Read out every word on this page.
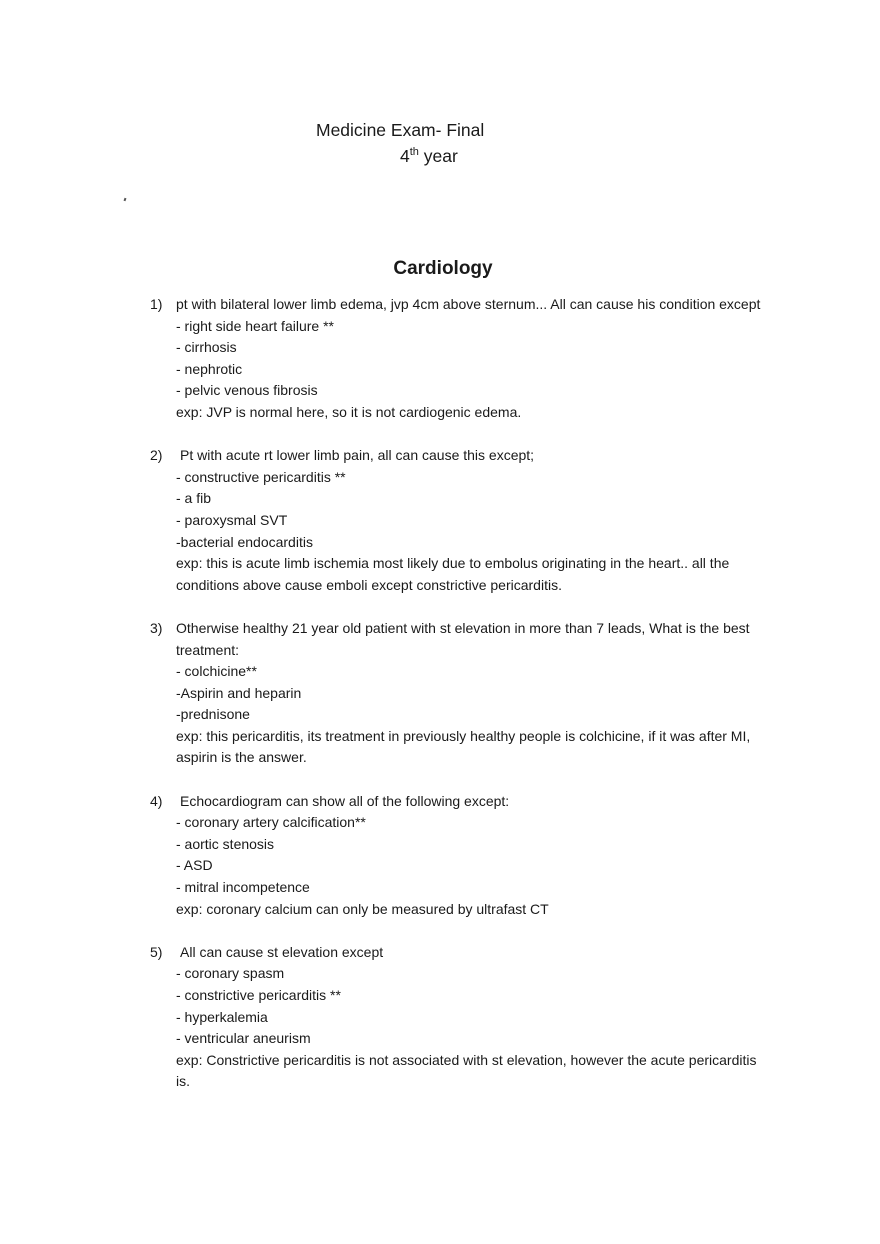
Medicine Exam- Final
4th year
Cardiology
1) pt with bilateral lower limb edema, jvp 4cm above sternum... All can cause his condition except
- right side heart failure **
- cirrhosis
- nephrotic
- pelvic venous fibrosis
exp: JVP is normal here, so it is not cardiogenic edema.
2) Pt with acute rt lower limb pain, all can cause this except;
- constructive pericarditis **
- a fib
- paroxysmal SVT
-bacterial endocarditis
exp: this is acute limb ischemia most likely due to embolus originating in the heart.. all the conditions above cause emboli except constrictive pericarditis.
3) Otherwise healthy 21 year old patient with st elevation in more than 7 leads, What is the best treatment:
- colchicine**
-Aspirin and heparin
-prednisone
exp: this pericarditis, its treatment in previously healthy people is colchicine, if it was after MI, aspirin is the answer.
4) Echocardiogram can show all of the following except:
- coronary artery calcification**
- aortic stenosis
- ASD
- mitral incompetence
exp: coronary calcium can only be measured by ultrafast CT
5) All can cause st elevation except
- coronary spasm
- constrictive pericarditis **
- hyperkalemia
- ventricular aneurism
exp: Constrictive pericarditis is not associated with st elevation, however the acute pericarditis is.
